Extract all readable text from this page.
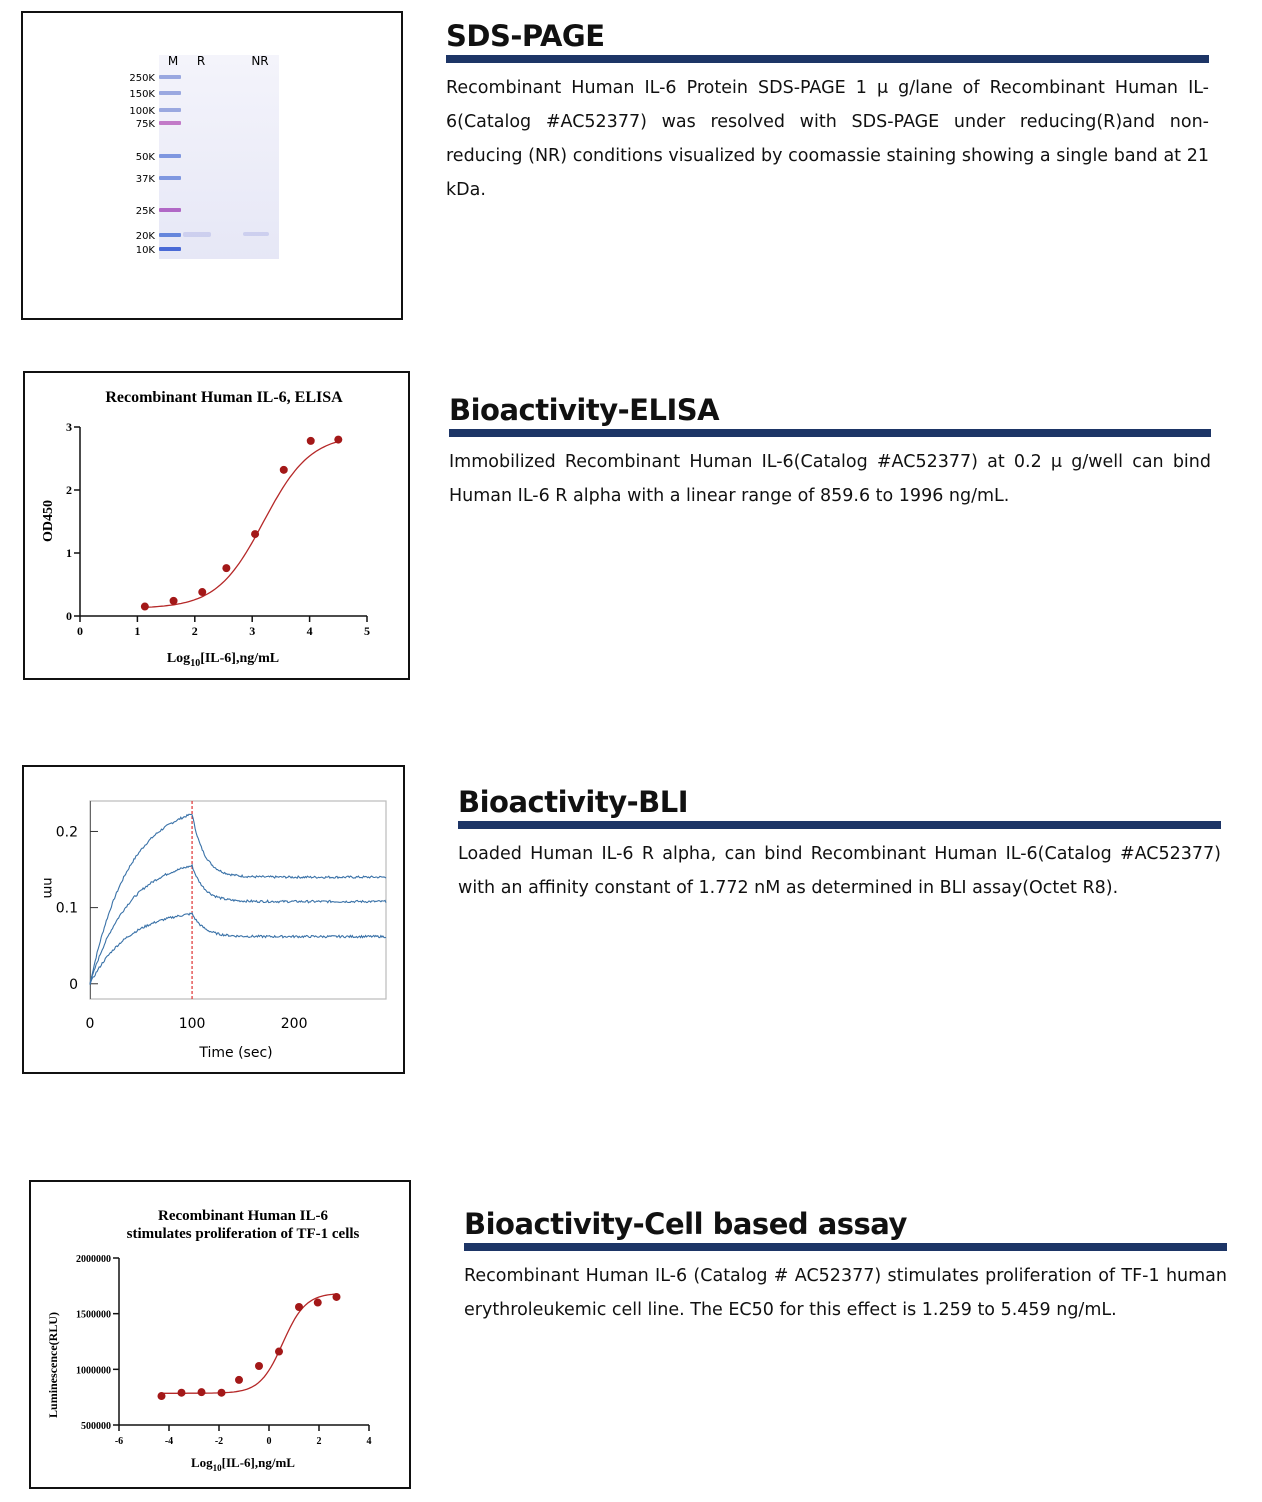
M R	NR
250K
150K
100K
75K
50K
37K
25K
20K
10K
SDS-PAGE

Recombinant Human IL-6 Protein SDS-PAGE 1 μ g/lane of Recombinant Human IL-6(Catalog #AC52377) was resolved with SDS-PAGE under reducing(R)and non-reducing (NR) conditions visualized by coomassie staining showing a single band at 21 kDa.

Recombinant Human IL-6, ELISA
OD450
Log$_{10}$[IL-6],ng/mL
0	1	2	3	4	5
0
1
2
3	Bioactivity-ELISA

Immobilized Recombinant Human IL-6(Catalog #AC52377) at 0.2 μ g/well can bind Human IL-6 R alpha with a linear range of 859.6 to 1996 ng/mL.

nm
Time (sec)
0	100	200
0
0.1
0.2
Bioactivity-BLI

Loaded Human IL-6 R alpha, can bind Recombinant Human IL-6(Catalog #AC52377) with an affinity constant of 1.772 nM as determined in BLI assay(Octet R8).

Recombinant Human IL-6
stimulates proliferation of TF-1 cells
Luminescence(RLU)
Log$_{10}$[IL-6],ng/mL
-6	-4	-2	0	2	4
500000
1000000
1500000
2000000
Bioactivity-Cell based assay

Recombinant Human IL-6 (Catalog # AC52377) stimulates proliferation of TF-1 human erythroleukemic cell line. The EC50 for this effect is 1.259 to 5.459 ng/mL.
